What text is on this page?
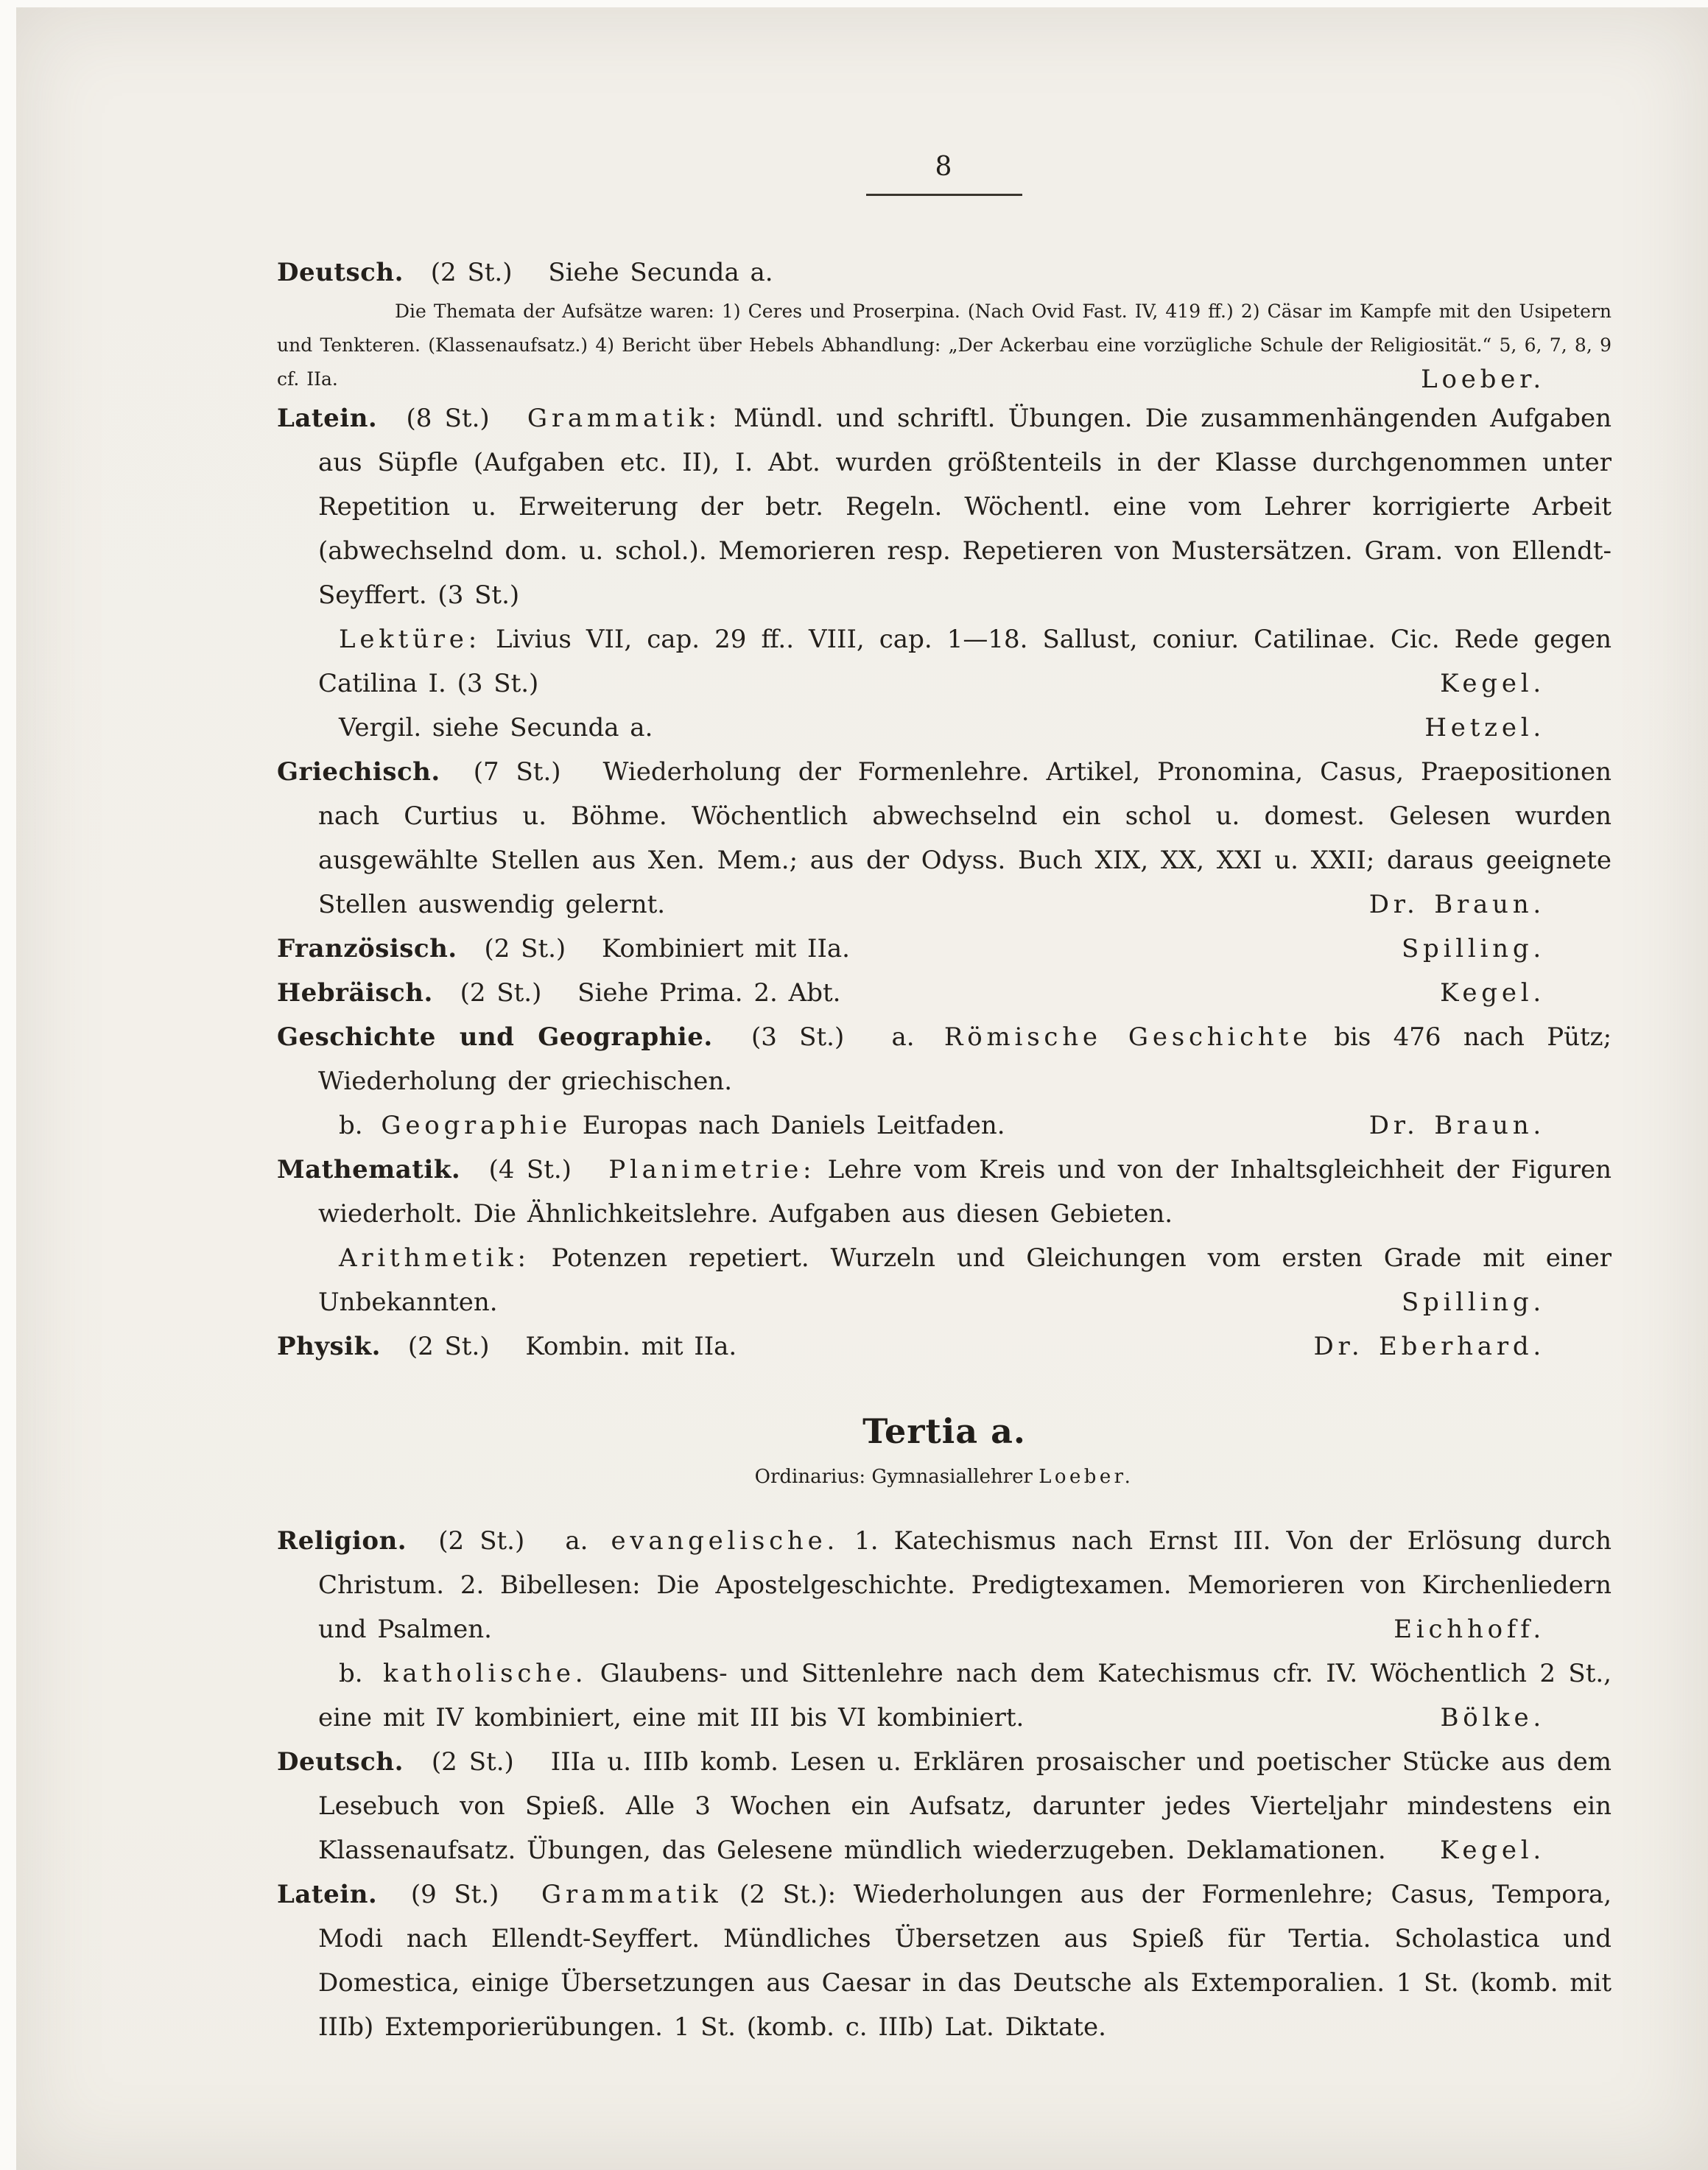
8

Deutsch. (2 St.) Siehe Secunda a.

Die Themata der Aufsätze waren: 1) Ceres und Proserpina. (Nach Ovid Fast. IV, 419 ff.) 2) Cäsar im Kampfe mit den Usipetern und Tenkteren. (Klassenaufsatz.) 4) Bericht über Hebels Abhandlung: „Der Ackerbau eine vorzügliche Schule der Religiosität.“ 5, 6, 7, 8, 9 cf. IIa.	Loeber.

Latein. (8 St.) Grammatik: Mündl. und schriftl. Übungen. Die zusammenhängenden Aufgaben aus Süpfle (Aufgaben etc. II), I. Abt. wurden größtenteils in der Klasse durchgenommen unter Repetition u. Erweiterung der betr. Regeln. Wöchentl. eine vom Lehrer korrigierte Arbeit (abwechselnd dom. u. schol.). Memorieren resp. Repetieren von Mustersätzen. Gram. von Ellendt-Seyffert. (3 St.)

Lektüre: Livius VII, cap. 29 ff.. VIII, cap. 1—18. Sallust, coniur. Catilinae. Cic. Rede gegen Catilina I. (3 St.)	Kegel.

Vergil. siehe Secunda a.	Hetzel.

Griechisch. (7 St.) Wiederholung der Formenlehre. Artikel, Pronomina, Casus, Praepositionen nach Curtius u. Böhme. Wöchentlich abwechselnd ein schol u. domest. Gelesen wurden ausgewählte Stellen aus Xen. Mem.; aus der Odyss. Buch XIX, XX, XXI u. XXII; daraus geeignete Stellen auswendig gelernt.	Dr. Braun.

Französisch. (2 St.) Kombiniert mit IIa.	Spilling.

Hebräisch. (2 St.) Siehe Prima. 2. Abt.	Kegel.

Geschichte und Geographie. (3 St.) a. Römische Geschichte bis 476 nach Pütz; Wiederholung der griechischen.

b. Geographie Europas nach Daniels Leitfaden.	Dr. Braun.

Mathematik. (4 St.) Planimetrie: Lehre vom Kreis und von der Inhaltsgleichheit der Figuren wiederholt. Die Ähnlichkeitslehre. Aufgaben aus diesen Gebieten.

Arithmetik: Potenzen repetiert. Wurzeln und Gleichungen vom ersten Grade mit einer Unbekannten.	Spilling.

Physik. (2 St.) Kombin. mit IIa.	Dr. Eberhard.

Tertia a.

Ordinarius: Gymnasiallehrer Loeber.

Religion. (2 St.) a. evangelische. 1. Katechismus nach Ernst III. Von der Erlösung durch Christum. 2. Bibellesen: Die Apostelgeschichte. Predigtexamen. Memorieren von Kirchenliedern und Psalmen.	Eichhoff.

b. katholische. Glaubens- und Sittenlehre nach dem Katechismus cfr. IV. Wöchentlich 2 St., eine mit IV kombiniert, eine mit III bis VI kombiniert.	Bölke.

Deutsch. (2 St.) IIIa u. IIIb komb. Lesen u. Erklären prosaischer und poetischer Stücke aus dem Lesebuch von Spieß. Alle 3 Wochen ein Aufsatz, darunter jedes Vierteljahr mindestens ein Klassenaufsatz. Übungen, das Gelesene mündlich wiederzugeben. Deklamationen. Kegel.

Latein. (9 St.) Grammatik (2 St.): Wiederholungen aus der Formenlehre; Casus, Tempora, Modi nach Ellendt-Seyffert. Mündliches Übersetzen aus Spieß für Tertia. Scholastica und Domestica, einige Übersetzungen aus Caesar in das Deutsche als Extemporalien. 1 St. (komb. mit IIIb) Extemporierübungen. 1 St. (komb. c. IIIb) Lat. Diktate.
